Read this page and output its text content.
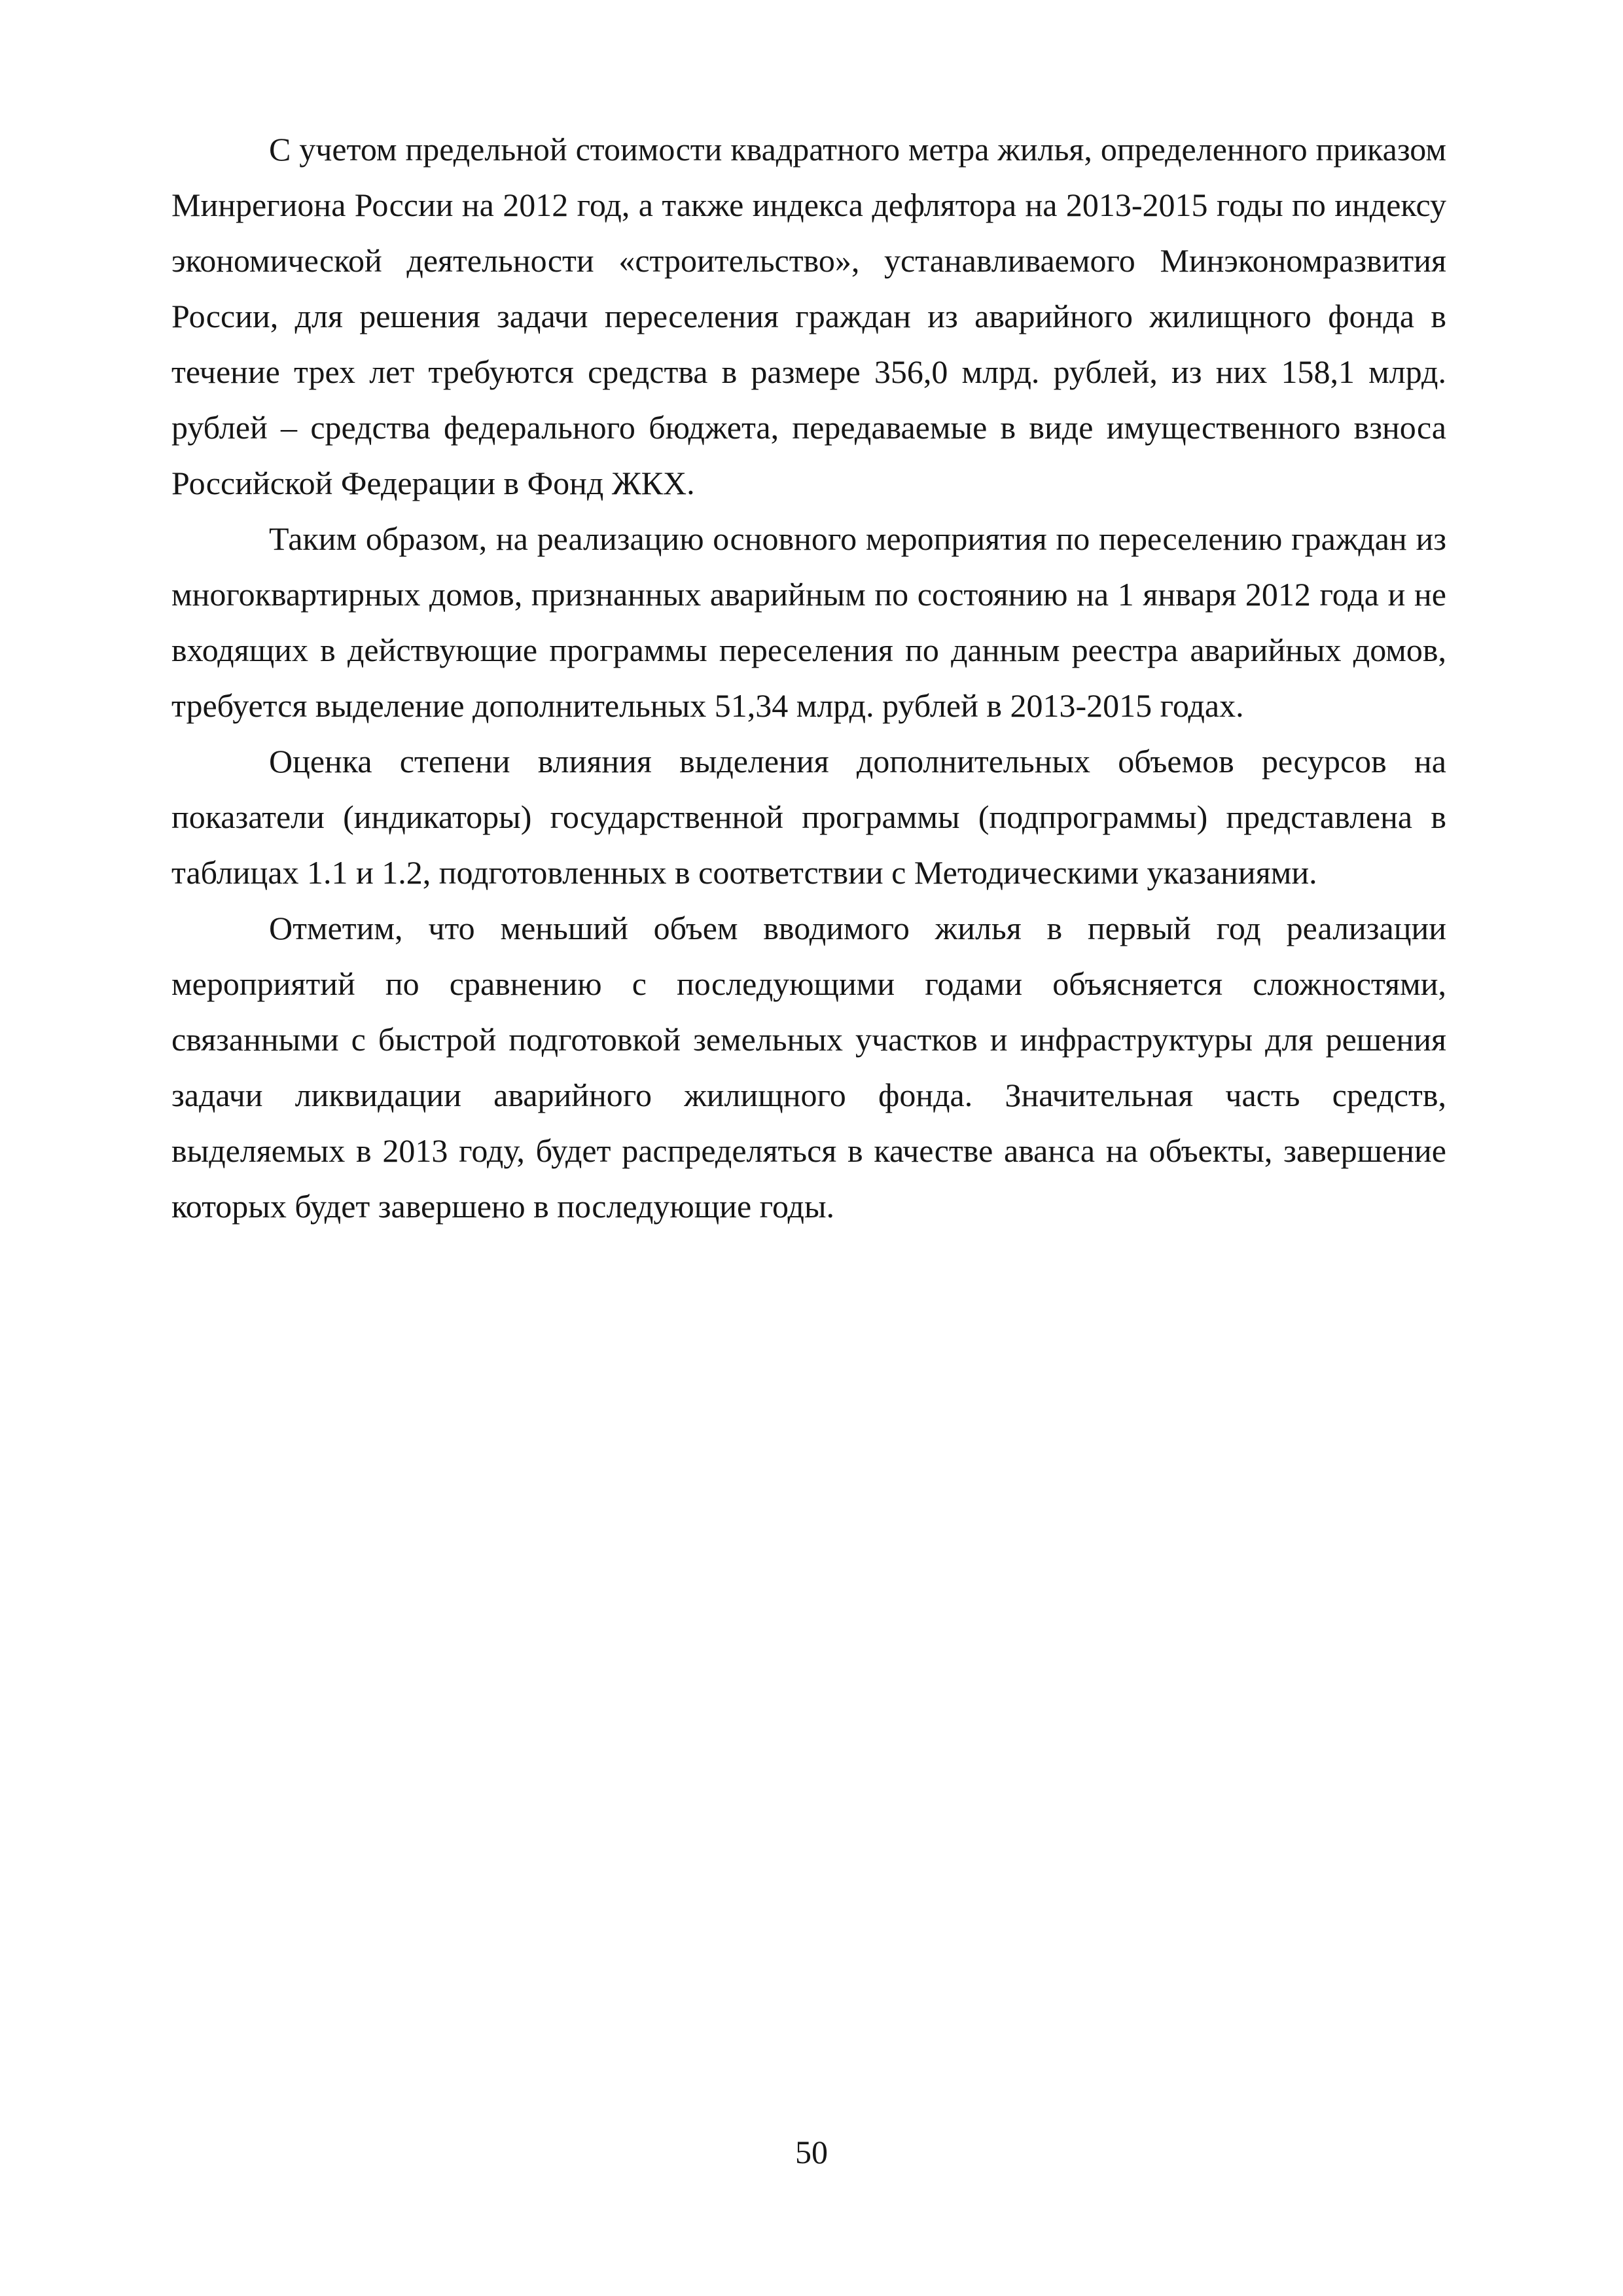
С учетом предельной стоимости квадратного метра жилья, определенного приказом Минрегиона России на 2012 год, а также индекса дефлятора на 2013-2015 годы по индексу экономической деятельности «строительство», устанавливаемого Минэкономразвития России, для решения задачи переселения граждан из аварийного жилищного фонда в течение трех лет требуются средства в размере 356,0 млрд. рублей, из них 158,1 млрд. рублей – средства федерального бюджета, передаваемые в виде имущественного взноса Российской Федерации в Фонд ЖКХ.

Таким образом, на реализацию основного мероприятия по переселению граждан из многоквартирных домов, признанных аварийным по состоянию на 1 января 2012 года и не входящих в действующие программы переселения по данным реестра аварийных домов, требуется выделение дополнительных 51,34 млрд. рублей в 2013-2015 годах.

Оценка степени влияния выделения дополнительных объемов ресурсов на показатели (индикаторы) государственной программы (подпрограммы) представлена в таблицах 1.1 и 1.2, подготовленных в соответствии с Методическими указаниями.

Отметим, что меньший объем вводимого жилья в первый год реализации мероприятий по сравнению с последующими годами объясняется сложностями, связанными с быстрой подготовкой земельных участков и инфраструктуры для решения задачи ликвидации аварийного жилищного фонда. Значительная часть средств, выделяемых в 2013 году, будет распределяться в качестве аванса на объекты, завершение которых будет завершено в последующие годы.

50
